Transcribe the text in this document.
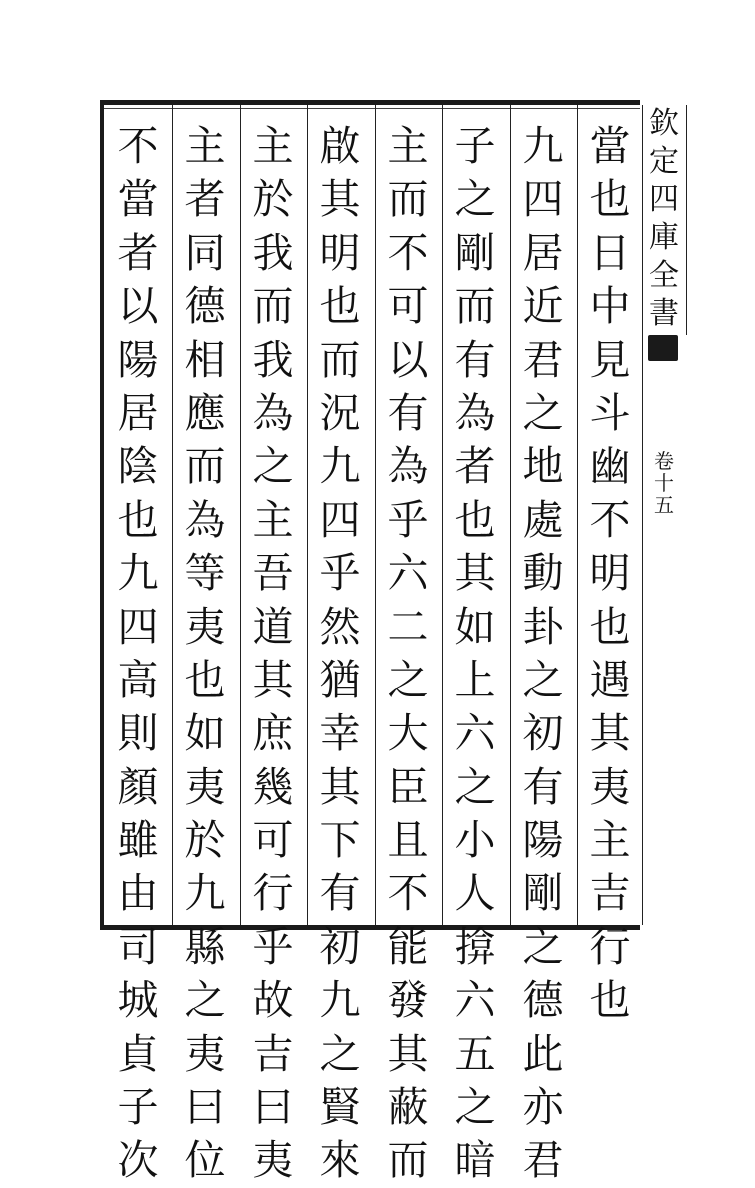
欽
定
四
庫
全
書
卷
十
五
當
也
日
中
見
斗
幽
不
明
也
遇
其
夷
主
吉
行
也
九
四
居
近
君
之
地
處
動
卦
之
初
有
陽
剛
之
德
此
亦
君
子
之
剛
而
有
為
者
也
其
如
上
六
之
小
人
揜
六
五
之
暗
主
而
不
可
以
有
為
乎
六
二
之
大
臣
且
不
能
發
其
蔽
而
啟
其
明
也
而
況
九
四
乎
然
猶
幸
其
下
有
初
九
之
賢
來
主
於
我
而
我
為
之
主
吾
道
其
庶
幾
可
行
乎
故
吉
曰
夷
主
者
同
德
相
應
而
為
等
夷
也
如
夷
於
九
縣
之
夷
曰
位
不
當
者
以
陽
居
陰
也
九
四
高
則
顏
雖
由
司
城
貞
子
次
